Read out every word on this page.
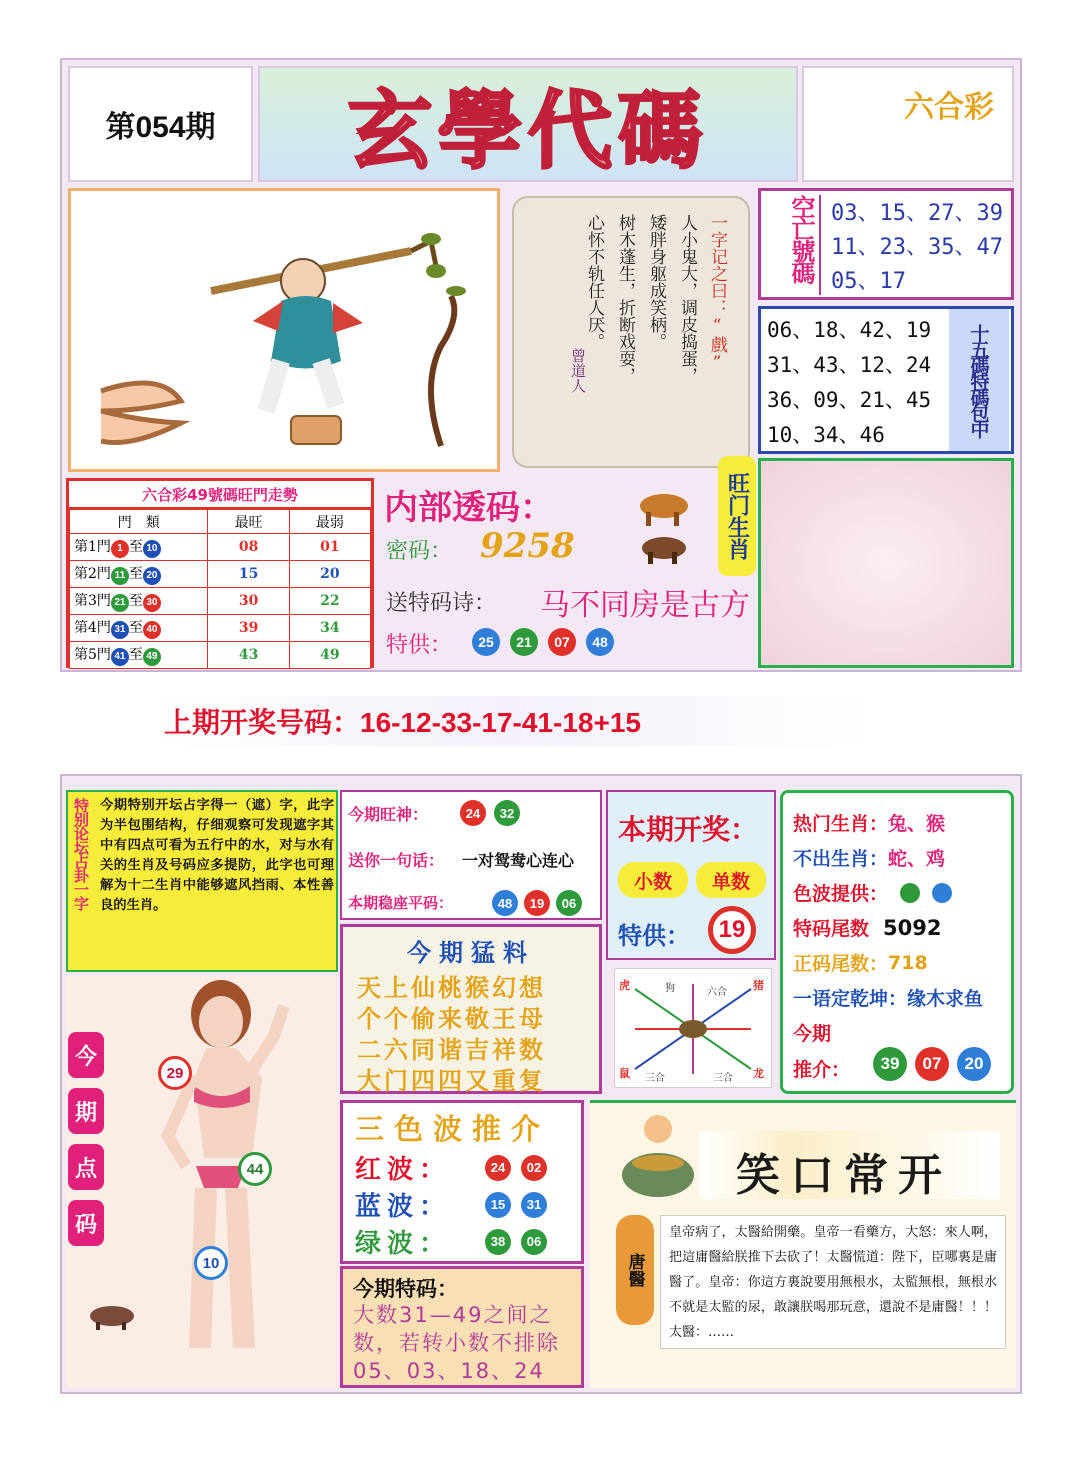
第054期 玄學代碼	六合彩
一字记之曰：“戲”
人小鬼大，调皮捣蛋，
矮胖身躯成笑柄。
树木蓬生，折断戏耍，
心怀不轨任人厌。
曾道人
空亡號碼 03、15、27、39
11、23、35、47
05、17
06、18、42、19
31、43、12、24
36、09、21、45
10、34、46	十五碼特碼包中
六合彩49號碼旺門走勢
門　類	最旺	最弱
第1門 1 至 10	08	01
第2門 11 至 20	15	20
第3門 21 至 30	30	22
第4門 31 至 40	39	34
第5門 41 至 49	43	49
内部透码：
密码： 9258
送特码诗： 马不同房是古方
特供：	25	21	07	48
旺门生肖
上期开奖号码：16-12-33-17-41-18+15
特别论坛占卦一字 今期特别开坛占字得一（遮）字，此字为半包围结构，仔细观察可发现遮字其中有四点可看为五行中的水，对与水有关的生肖及号码应多提防，此字也可理解为十二生肖中能够遮风挡雨、本性善良的生肖。
今期旺神：	24	32
送你一句话： 一对鸳鸯心连心
本期稳座平码：	48	19	06
本期开奖：
小数	单数
特供：	19
热门生肖： 兔、猴
不出生肖： 蛇、鸡
色波提供：
特码尾数 5092
正码尾数： 718
一语定乾坤： 缘木求鱼
今期
推介：	39	07	20
今期猛料
天上仙桃猴幻想
个个偷来敬王母
二六同谐吉祥数
大门四四又重复
虎	狗	六合
猪
鼠 三合	三合 龙
今
期
点
码
29
44
10
三色波推介
红波：	24	02
蓝波：	15	31
绿波：	38	06
今期特码：
大数31—49之间之数，若转小数不排除05、03、18、24
笑口常开
唐醫
皇帝病了，太醫給開藥。皇帝一看藥方，大怒：來人啊，把這庸醫給朕推下去砍了！太醫慌道：陛下，臣哪裏是庸醫了。皇帝：你這方裏說要用無根水，太監無根，無根水不就是太監的尿，敢讓朕喝那玩意，還說不是庸醫！！！太醫：……
